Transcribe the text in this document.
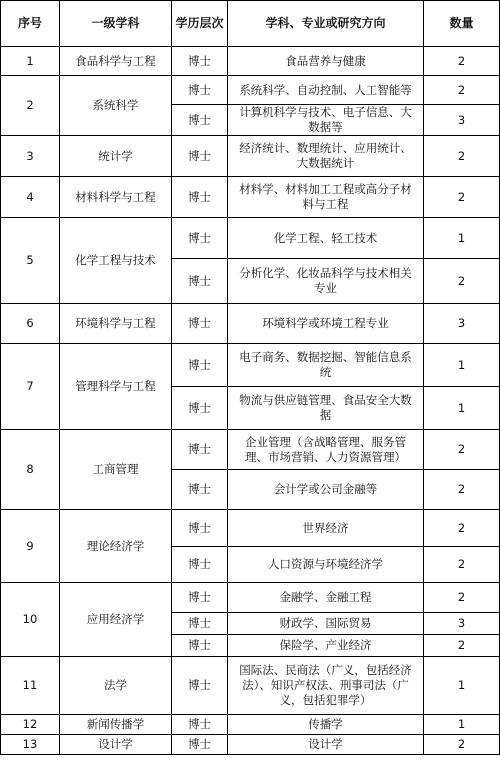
序号	一级学科	学历层次	学科、专业或研究方向	数量
1	食品科学与工程	博士	食品营养与健康	2
2	系统科学	博士	系统科学、自动控制、人工智能等	2
		博士	计算机科学与技术、电子信息、大数据等	3
3	统计学	博士	经济统计、数理统计、应用统计、大数据统计	2
4	材料科学与工程	博士	材料学、材料加工工程或高分子材料与工程	2
5	化学工程与技术	博士	化学工程、轻工技术	1
		博士	分析化学、化妆品科学与技术相关专业	2
6	环境科学与工程	博士	环境科学或环境工程专业	3
7	管理科学与工程	博士	电子商务、数据挖掘、智能信息系统	1
		博士	物流与供应链管理、食品安全大数据	1
8	工商管理	博士	企业管理（含战略管理、服务管理、市场营销、人力资源管理）	2
		博士	会计学或公司金融等	2
9	理论经济学	博士	世界经济	2
		博士	人口资源与环境经济学	2
10	应用经济学	博士	金融学、金融工程	2
		博士	财政学、国际贸易	3
		博士	保险学、产业经济	2
11	法学	博士	国际法、民商法（广义，包括经济法）、知识产权法、刑事司法（广义，包括犯罪学）	1
12	新闻传播学	博士	传播学	1
13	设计学	博士	设计学	2
